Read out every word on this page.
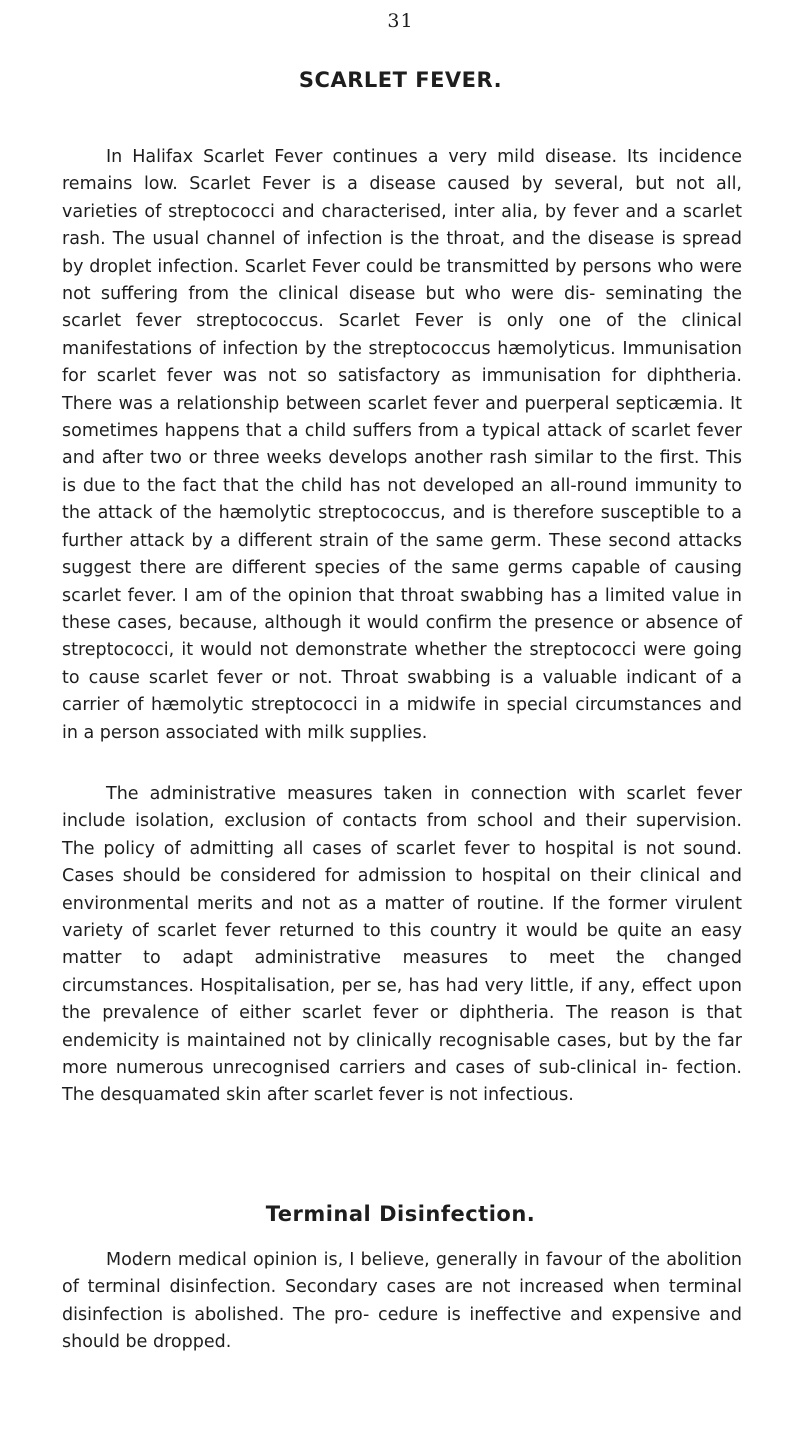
31
SCARLET FEVER.

In Halifax Scarlet Fever continues a very mild disease. Its incidence remains low. Scarlet Fever is a disease caused by several, but not all, varieties of streptococci and characterised, inter alia, by fever and a scarlet rash. The usual channel of infection is the throat, and the disease is spread by droplet infection. Scarlet Fever could be transmitted by persons who were not suffering from the clinical disease but who were dis- seminating the scarlet fever streptococcus. Scarlet Fever is only one of the clinical manifestations of infection by the streptococcus hæmolyticus. Immunisation for scarlet fever was not so satisfactory as immunisation for diphtheria. There was a relationship between scarlet fever and puerperal septicæmia. It sometimes happens that a child suffers from a typical attack of scarlet fever and after two or three weeks develops another rash similar to the first. This is due to the fact that the child has not developed an all-round immunity to the attack of the hæmolytic streptococcus, and is therefore susceptible to a further attack by a different strain of the same germ. These second attacks suggest there are different species of the same germs capable of causing scarlet fever. I am of the opinion that throat swabbing has a limited value in these cases, because, although it would confirm the presence or absence of streptococci, it would not demonstrate whether the streptococci were going to cause scarlet fever or not. Throat swabbing is a valuable indicant of a carrier of hæmolytic streptococci in a midwife in special circumstances and in a person associated with milk supplies.

The administrative measures taken in connection with scarlet fever include isolation, exclusion of contacts from school and their supervision. The policy of admitting all cases of scarlet fever to hospital is not sound. Cases should be considered for admission to hospital on their clinical and environmental merits and not as a matter of routine. If the former virulent variety of scarlet fever returned to this country it would be quite an easy matter to adapt administrative measures to meet the changed circumstances. Hospitalisation, per se, has had very little, if any, effect upon the prevalence of either scarlet fever or diphtheria. The reason is that endemicity is maintained not by clinically recognisable cases, but by the far more numerous unrecognised carriers and cases of sub-clinical in- fection. The desquamated skin after scarlet fever is not infectious.

Terminal Disinfection.

Modern medical opinion is, I believe, generally in favour of the abolition of terminal disinfection. Secondary cases are not increased when terminal disinfection is abolished. The pro- cedure is ineffective and expensive and should be dropped.
